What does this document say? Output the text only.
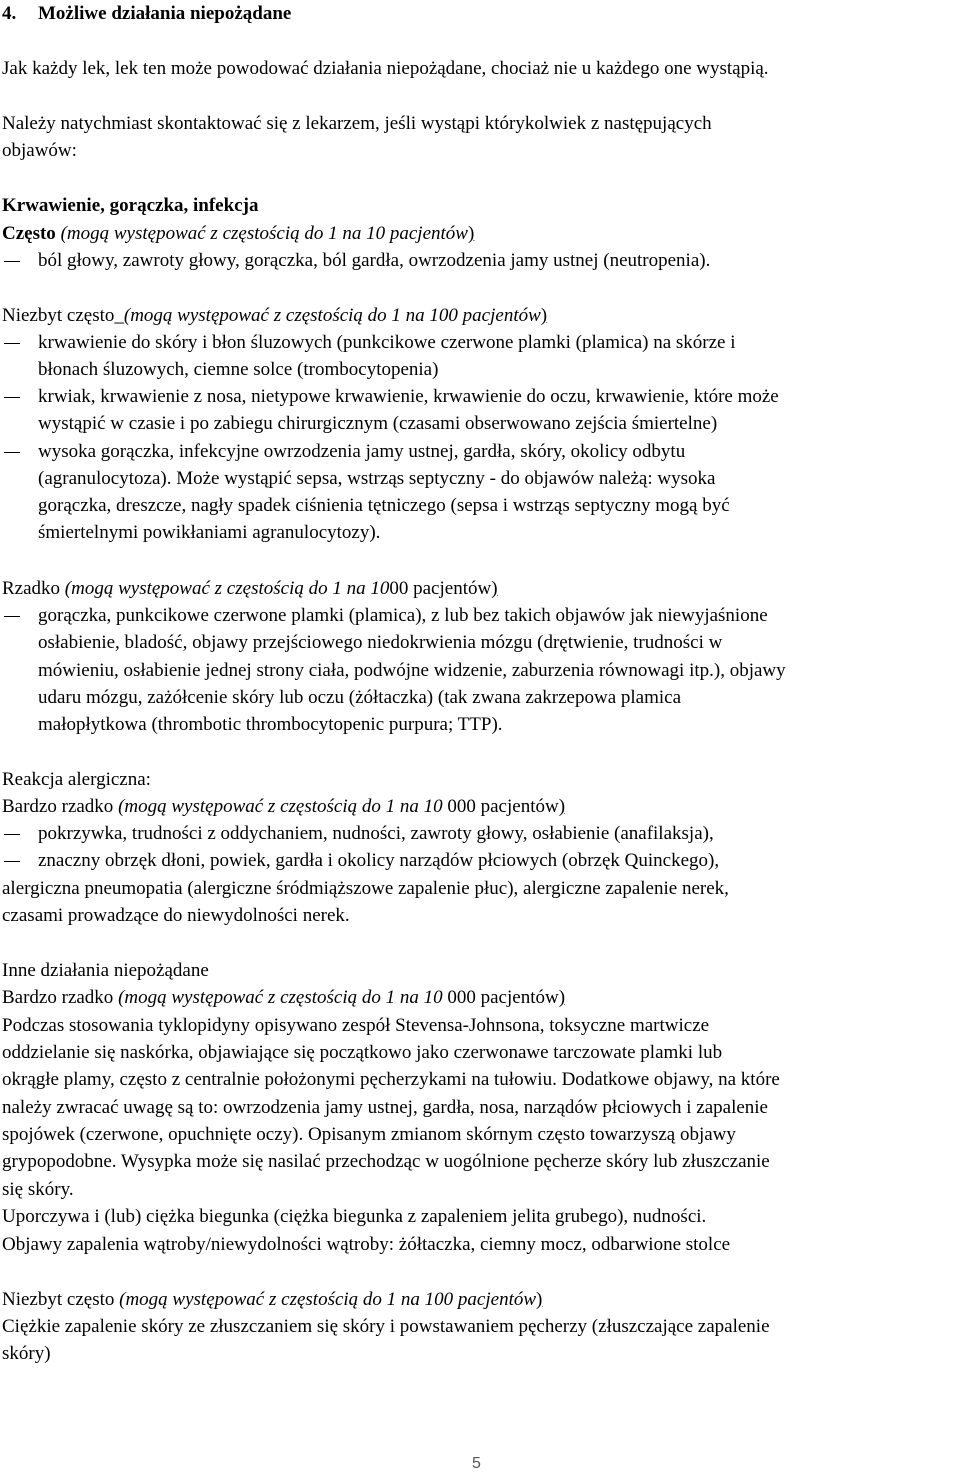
4. Możliwe działania niepożądane
Jak każdy lek, lek ten może powodować działania niepożądane, chociaż nie u każdego one wystąpią.
Należy natychmiast skontaktować się z lekarzem, jeśli wystąpi którykolwiek z następujących
objawów:
Krwawienie, gorączka, infekcja
Często (mogą występować z częstością do 1 na 10 pacjentów)
ból głowy, zawroty głowy, gorączka, ból gardła, owrzodzenia jamy ustnej (neutropenia).
Niezbyt często_(mogą występować z częstością do 1 na 100 pacjentów)
krwawienie do skóry i błon śluzowych (punkcikowe czerwone plamki (plamica) na skórze i
błonach śluzowych, ciemne solce (trombocytopenia)
krwiak, krwawienie z nosa, nietypowe krwawienie, krwawienie do oczu, krwawienie, które może
wystąpić w czasie i po zabiegu chirurgicznym (czasami obserwowano zejścia śmiertelne)
wysoka gorączka, infekcyjne owrzodzenia jamy ustnej, gardła, skóry, okolicy odbytu
(agranulocytoza). Może wystąpić sepsa, wstrząs septyczny - do objawów należą: wysoka
gorączka, dreszcze, nagły spadek ciśnienia tętniczego (sepsa i wstrząs septyczny mogą być
śmiertelnymi powikłaniami agranulocytozy).
Rzadko (mogą występować z częstością do 1 na 1000 pacjentów)
gorączka, punkcikowe czerwone plamki (plamica), z lub bez takich objawów jak niewyjaśnione
osłabienie, bladość, objawy przejściowego niedokrwienia mózgu (drętwienie, trudności w
mówieniu, osłabienie jednej strony ciała, podwójne widzenie, zaburzenia równowagi itp.), objawy
udaru mózgu, zażółcenie skóry lub oczu (żółtaczka) (tak zwana zakrzepowa plamica
małopłytkowa (thrombotic thrombocytopenic purpura; TTP).
Reakcja alergiczna:
Bardzo rzadko (mogą występować z częstością do 1 na 10 000 pacjentów)
pokrzywka, trudności z oddychaniem, nudności, zawroty głowy, osłabienie (anafilaksja),
znaczny obrzęk dłoni, powiek, gardła i okolicy narządów płciowych (obrzęk Quinckego),
alergiczna pneumopatia (alergiczne śródmiąższowe zapalenie płuc), alergiczne zapalenie nerek,
czasami prowadzące do niewydolności nerek.
Inne działania niepożądane
Bardzo rzadko (mogą występować z częstością do 1 na 10 000 pacjentów)
Podczas stosowania tyklopidyny opisywano zespół Stevensa-Johnsona, toksyczne martwicze
oddzielanie się naskórka, objawiające się początkowo jako czerwonawe tarczowate plamki lub
okrągłe plamy, często z centralnie położonymi pęcherzykami na tułowiu. Dodatkowe objawy, na które
należy zwracać uwagę są to: owrzodzenia jamy ustnej, gardła, nosa, narządów płciowych i zapalenie
spojówek (czerwone, opuchnięte oczy). Opisanym zmianom skórnym często towarzyszą objawy
grypopodobne. Wysypka może się nasilać przechodząc w uogólnione pęcherze skóry lub złuszczanie
się skóry.
Uporczywa i (lub) ciężka biegunka (ciężka biegunka z zapaleniem jelita grubego), nudności.
Objawy zapalenia wątroby/niewydolności wątroby: żółtaczka, ciemny mocz, odbarwione stolce
Niezbyt często (mogą występować z częstością do 1 na 100 pacjentów)
Ciężkie zapalenie skóry ze złuszczaniem się skóry i powstawaniem pęcherzy (złuszczające zapalenie
skóry)
5
